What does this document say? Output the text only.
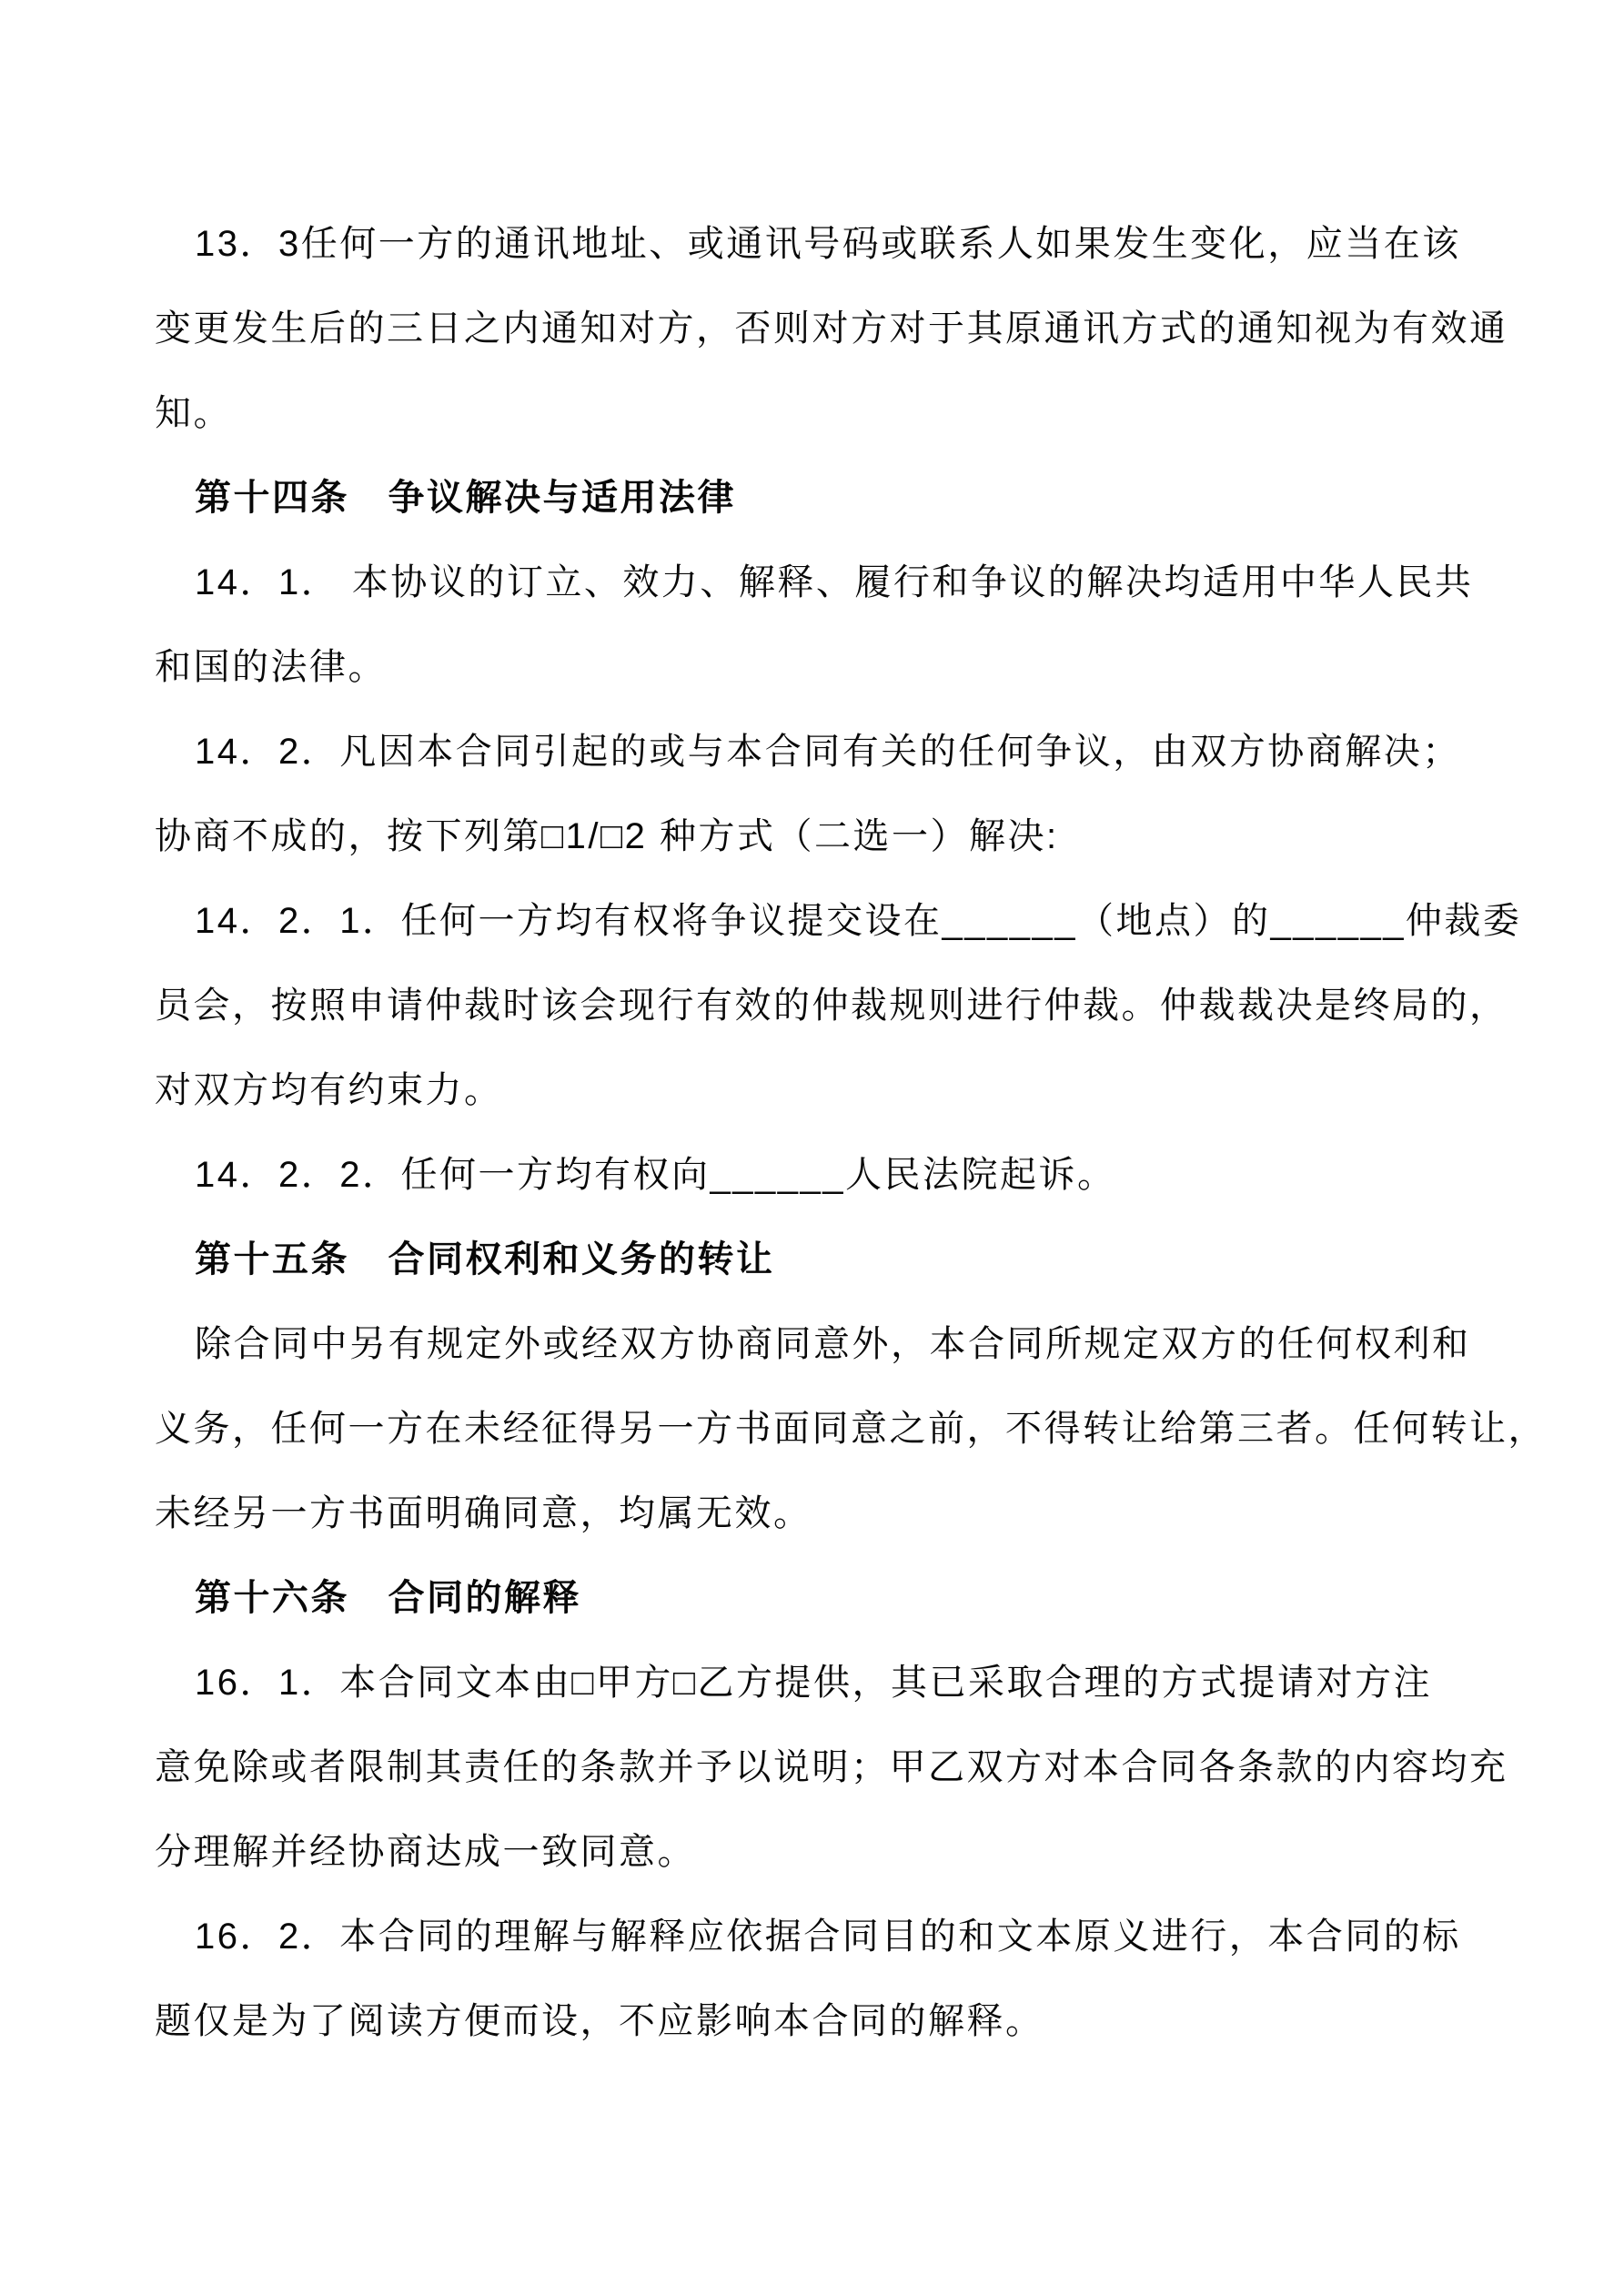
13．3任何一方的通讯地址、或通讯号码或联系人如果发生变化，应当在该
变更发生后的三日之内通知对方，否则对方对于其原通讯方式的通知视为有效通
知。
第十四条　争议解决与适用法律
14．1． 本协议的订立、效力、解释、履行和争议的解决均适用中华人民共
和国的法律。
14．2．凡因本合同引起的或与本合同有关的任何争议，由双方协商解决；
协商不成的，按下列第□1/□2 种方式（二选一）解决:
14．2．1．任何一方均有权将争议提交设在______（地点）的______仲裁委
员会，按照申请仲裁时该会现行有效的仲裁规则进行仲裁。仲裁裁决是终局的，
对双方均有约束力。
14．2．2．任何一方均有权向______人民法院起诉。
第十五条　合同权利和义务的转让
除合同中另有规定外或经双方协商同意外，本合同所规定双方的任何权利和
义务，任何一方在未经征得另一方书面同意之前，不得转让给第三者。任何转让，
未经另一方书面明确同意，均属无效。
第十六条　合同的解释
16．1．本合同文本由□甲方□乙方提供，其已采取合理的方式提请对方注
意免除或者限制其责任的条款并予以说明；甲乙双方对本合同各条款的内容均充
分理解并经协商达成一致同意。
16．2．本合同的理解与解释应依据合同目的和文本原义进行，本合同的标
题仅是为了阅读方便而设，不应影响本合同的解释。
